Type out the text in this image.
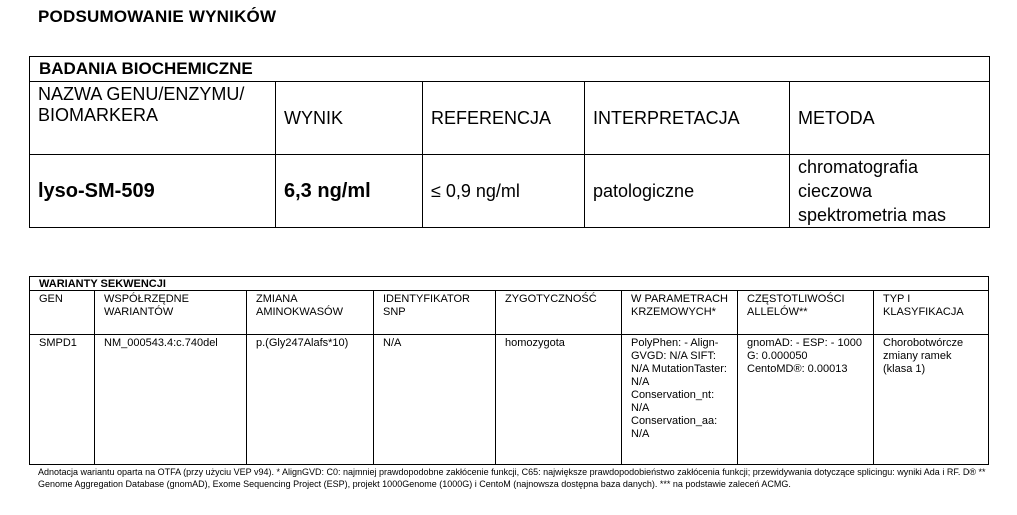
PODSUMOWANIE WYNIKÓW
BADANIA BIOCHEMICZNE				
NAZWA GENU/ENZYMU/ BIOMARKERA	WYNIK	REFERENCJA	INTERPRETACJA	METODA
lyso-SM-509	6,3 ng/ml	≤ 0,9 ng/ml	patologiczne	chromatografia cieczowa spektrometria mas
WARIANTY SEKWENCJI							
GEN	WSPÓŁRZĘDNE WARIANTÓW	ZMIANA AMINOKWASÓW	IDENTYFIKATOR SNP	ZYGOTYCZNOŚĆ	W PARAMETRACH KRZEMOWYCH*	CZĘSTOTLIWOŚCI ALLELÓW**	TYP I KLASYFIKACJA
SMPD1	NM_000543.4:c.740del	p.(Gly247Alafs*10)	N/A	homozygota	PolyPhen: - Align-GVGD: N/A SIFT: N/A MutationTaster: N/A Conservation_nt: N/A Conservation_aa: N/A	gnomAD: - ESP: - 1000 G: 0.000050 CentoMD®: 0.00013	Chorobotwórcze zmiany ramek (klasa 1)
Adnotacja wariantu oparta na OTFA (przy użyciu VEP v94). * AlignGVD: C0: najmniej prawdopodobne zakłócenie funkcji, C65: największe prawdopodobieństwo zakłócenia funkcji; przewidywania dotyczące splicingu: wyniki Ada i RF. D® ** Genome Aggregation Database (gnomAD), Exome Sequencing Project (ESP), projekt 1000Genome (1000G) i CentoM (najnowsza dostępna baza danych). *** na podstawie zaleceń ACMG.
